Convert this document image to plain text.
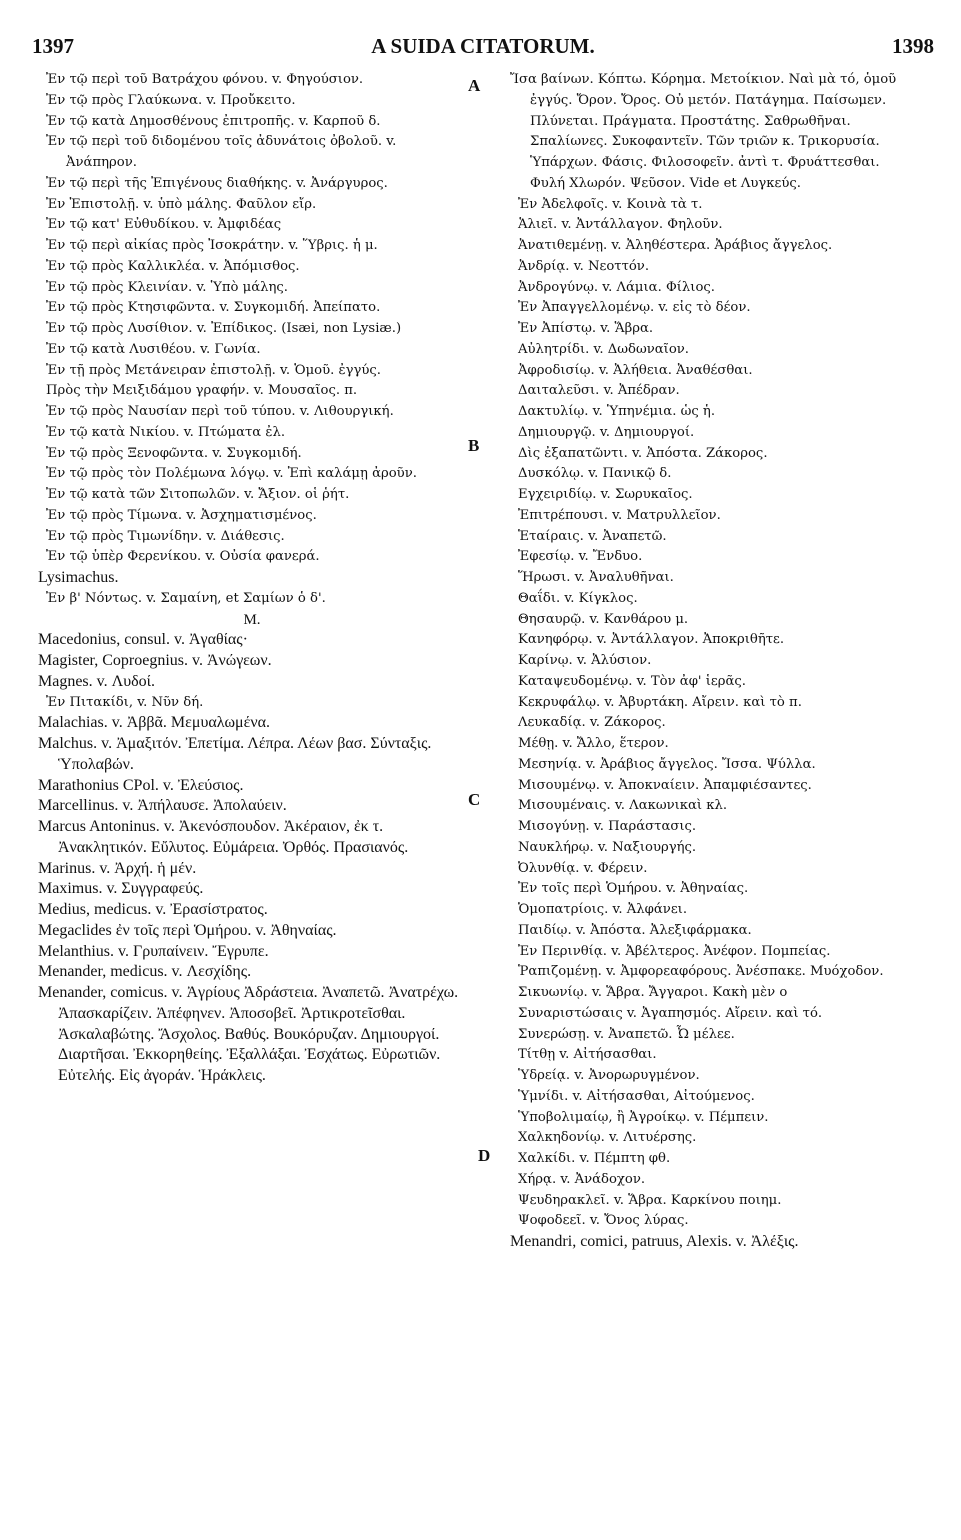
1397	A SUIDA CITATORUM.	1398
Ἐν τῷ περὶ τοῦ Βατράχου φόνου. v. Φηγούσιον.
Ἐν τῷ πρὸς Γλαύκωνα. v. Προὔκειτο.
Ἐν τῷ κατὰ Δημοσθένους ἐπιτροπῆς. v. Καρποῦ δ.
Ἐν τῷ περὶ τοῦ διδομένου τοῖς ἀδυνάτοις ὀβολοῦ. v. Ἀνάπηρον.
Ἐν τῷ περὶ τῆς Ἐπιγένους διαθήκης. v. Ἀνάργυρος.
Ἐν Ἐπιστολῇ. v. ὑπὸ μάλης. Φαῦλον εἴρ.
Ἐν τῷ κατ' Εὐθυδίκου. v. Ἀμφιδέας
Ἐν τῷ περὶ αἰκίας πρὸς Ἰσοκράτην. v. Ὕβρις. ἡ μ.
Ἐν τῷ πρὸς Καλλικλέα. v. Ἀπόμισθος.
Ἐν τῷ πρὸς Κλεινίαν. v. Ὑπὸ μάλης.
Ἐν τῷ πρὸς Κτησιφῶντα. v. Συγκομιδή. Ἀπείπατο.
Ἐν τῷ πρὸς Λυσίθιον. v. Ἐπίδικος. (Isæi, non Lysiæ.)
Ἐν τῷ κατὰ Λυσιθέου. v. Γωνία.
Ἐν τῇ πρὸς Μετάνειραν ἐπιστολῇ. v. Ὁμοῦ. ἐγγύς.
Πρὸς τὴν Μειξιδάμου γραφήν. v. Μουσαῖος. π.
Ἐν τῷ πρὸς Ναυσίαν περὶ τοῦ τύπου. v. Λιθουργική.
Ἐν τῷ κατὰ Νικίου. v. Πτώματα ἐλ.
Ἐν τῷ πρὸς Ξενοφῶντα. v. Συγκομιδή.
Ἐν τῷ πρὸς τὸν Πολέμωνα λόγῳ. v. Ἐπὶ καλάμῃ ἀροῦν.
Ἐν τῷ κατὰ τῶν Σιτοπωλῶν. v. Ἄξιον. οἱ ῥήτ.
Ἐν τῷ πρὸς Τίμωνα. v. Ἀσχηματισμένος.
Ἐν τῷ πρὸς Τιμωνίδην. v. Διάθεσις.
Ἐν τῷ ὑπὲρ Φερενίκου. v. Οὐσία φανερά.
Lysimachus.
Ἐν β' Νόντως. v. Σαμαίνη, et Σαμίων ὁ δ'.
M.
Macedonius, consul. v. Ἀγαθίας·
Magister, Coproegnius. v. Ἀνώγεων.
Magnes. v. Λυδοί.
Ἐν Πιτακίδι, v. Νῦν δή.
Malachias. v. Ἀββᾶ. Μεμυαλωμένα.
Malchus. v. Ἀμαξιτόν. Ἐπετίμα. Λέπρα. Λέων βασ. Σύνταξις. Ὑπολαβών.
Marathonius CPol. v. Ἐλεύσιος.
Marcellinus. v. Ἀπήλαυσε. Ἀπολαύειν.
Marcus Antoninus. v. Ἀκενόσπουδον. Ἀκέραιον, ἐκ τ. Ἀνακλητικόν. Εὔλυτος. Εὐμάρεια. Ὀρθός. Πρασιανός.
Marinus. v. Ἀρχή. ἡ μέν.
Maximus. v. Συγγραφεύς.
Medius, medicus. v. Ἐρασίστρατος.
Megaclides ἐν τοῖς περὶ Ὁμήρου. v. Ἀθηναίας.
Melanthius. v. Γρυπαίνειν. Ἔγρυπε.
Menander, medicus. v. Λεσχίδης.
Menander, comicus. v. Ἀγρίους Ἀδράστεια. Ἀναπετῶ. Ἀνατρέχω. Ἀπασκαρίζειν. Ἀπέφηνεν. Ἀποσοβεῖ. Ἀρτικροτεῖσθαι. Ἀσκαλαβώτης. Ἄσχολος. Βαθύς. Βουκόρυζαν. Δημιουργοί. Διαρτῆσαι. Ἐκκορηθείης. Ἐξαλλάξαι. Ἐσχάτως. Εὐρωτιῶν. Εὐτελής. Εἰς ἀγοράν. Ἡράκλεις.
Ἴσα βαίνων. Κόπτω. Κόρημα. Μετοίκιον. Ναὶ μὰ τό, ὁμοῦ ἐγγύς. Ὄρον. Ὄρος. Οὐ μετόν. Πατάγημα. Παίσωμεν. Πλύνεται. Πράγματα. Προστάτης. Σαθρωθῆναι. Σπαλίωνες. Συκοφαντεῖν. Τῶν τριῶν κ. Τρικορυσία. Ὑπάρχων. Φάσις. Φιλοσοφεῖν. ἀντὶ τ. Φρυάττεσθαι. Φυλή Χλωρόν. Ψεῦσον. Vide et Λυγκεύς.
Ἐν Ἀδελφοῖς. v. Κοινὰ τὰ τ.
Ἁλιεῖ. v. Ἀντάλλαγον. Φηλοῦν.
Ἀνατιθεμένῃ. v. Ἀληθέστερα. Ἀράβιος ἄγγελος.
Ἀνδρίᾳ. v. Νεοττόν.
Ἀνδρογύνῳ. v. Λάμια. Φίλιος.
Ἐν Ἀπαγγελλομένῳ. v. εἰς τὸ δέον.
Ἐν Ἀπίστῳ. v. Ἅβρα.
Αὐλητρίδι. v. Δωδωναῖον.
Ἀφροδισίῳ. v. Ἀλήθεια. Ἀναθέσθαι.
Δαιταλεῦσι. v. Ἀπέδραν.
Δακτυλίῳ. v. Ὑπηνέμια. ὡς ἡ.
Δημιουργῷ. v. Δημιουργοί.
Δὶς ἐξαπατῶντι. v. Ἀπόστα. Ζάκορος.
Δυσκόλῳ. v. Πανικῷ δ.
Εγχειριδίῳ. v. Σωρυκαῖος.
Ἐπιτρέπουσι. v. Ματρυλλεῖον.
Ἑταίραις. v. Ἀναπετῶ.
Ἐφεσίῳ. v. Ἔνδυο.
Ἥρωσι. v. Ἀναλυθῆναι.
Θαΐδι. v. Κίγκλος.
Θησαυρῷ. v. Κανθάρου μ.
Κανηφόρῳ. v. Ἀντάλλαγον. Ἀποκριθῆτε.
Καρίνῳ. v. Ἀλύσιον.
Καταψευδομένῳ. v. Τὸν ἀφ' ἱερᾶς.
Κεκρυφάλῳ. v. Ἀβυρτάκη. Αἴρειν. καὶ τὸ π.
Λευκαδίᾳ. v. Ζάκορος.
Μέθῃ. v. Ἄλλο, ἕτερον.
Μεσηνίᾳ. v. Ἀράβιος ἄγγελος. Ἴσσα. Ψύλλα.
Μισουμένῳ. v. Ἀποκναίειν. Ἀπαμφιέσαντες.
Μισουμέναις. v. Λακωνικαὶ κλ.
Μισογύνῃ. v. Παράστασις.
Ναυκλήρῳ. v. Ναξιουργής.
Ὀλυνθίᾳ. v. Φέρειν.
Ἐν τοῖς περὶ Ὁμήρου. v. Ἀθηναίας.
Ὁμοπατρίοις. v. Ἀλφάνει.
Παιδίῳ. v. Ἀπόστα. Ἀλεξιφάρμακα.
Ἐν Περινθίᾳ. v. Ἀβέλτερος. Ἀνέφον. Πομπείας.
Ῥαπιζομένῃ. v. Ἀμφορεαφόρους. Ἀνέσπακε. Μυόχοδον.
Σικυωνίῳ. v. Ἅβρα. Ἄγγαροι. Κακὴ μὲν ο
Συναριστώσαις v. Ἀγαπησμός. Αἴρειν. καὶ τό.
Συνερώσῃ. v. Ἀναπετῶ. Ὦ μέλεε.
Τίτθῃ v. Αἰτήσασθαι.
Ὑδρείᾳ. v. Ἀνορωρυγμένον.
Ὑμνίδι. v. Αἰτήσασθαι, Αἰτούμενος.
Ὑποβολιμαίῳ, ἢ Ἀγροίκῳ. v. Πέμπειν.
Χαλκηδονίῳ. v. Λιτυέρσης.
Χαλκίδι. v. Πέμπτη φθ.
Χήρᾳ. v. Ἀνάδοχον.
Ψευδηρακλεῖ. v. Ἅβρα. Καρκίνου ποιημ.
Ψοφοδεεῖ. v. Ὄνος λύρας.
Menandri, comici, patruus, Alexis. v. Ἀλέξις.
A
B
C
D
